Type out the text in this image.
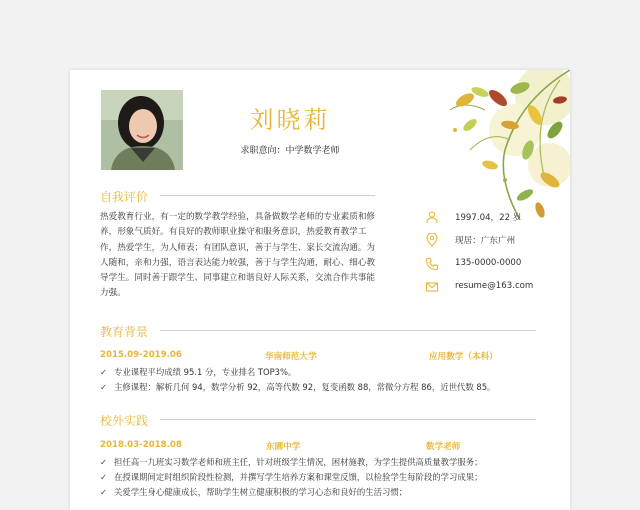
刘晓莉
求职意向：中学数学老师
自我评价
热爱教育行业，有一定的数学教学经验，具备做数学老师的专业素质和修养，形象气质好。有良好的教师职业操守和服务意识，热爱教育教学工作，热爱学生，为人师表；有团队意识，善于与学生、家长交流沟通。为人随和，亲和力强，语言表达能力较强，善于与学生沟通，耐心、细心教导学生。同时善于跟学生、同事建立和谐良好人际关系，交流合作共事能力强。
1997.04，22 岁
现居：广东广州
135-0000-0000
resume@163.com
教育背景
2015.09-2019.06	华南师范大学	应用数学（本科）
✓ 专业课程平均成绩 95.1 分，专业排名 TOP3%。
✓ 主修课程：解析几何 94，数学分析 92，高等代数 92，复变函数 88，常微分方程 86，近世代数 85。
校外实践
2018.03-2018.08	东圃中学	数学老师
✓ 担任高一九班实习数学老师和班主任，针对班级学生情况，困材施教，为学生提供高质量教学服务；
✓ 在授课期间定时组织阶段性检测，并撰写学生培养方案和课堂反馈，以检验学生每阶段的学习成果；
✓ 关爱学生身心健康成长，帮助学生树立健康积极的学习心态和良好的生活习惯；
